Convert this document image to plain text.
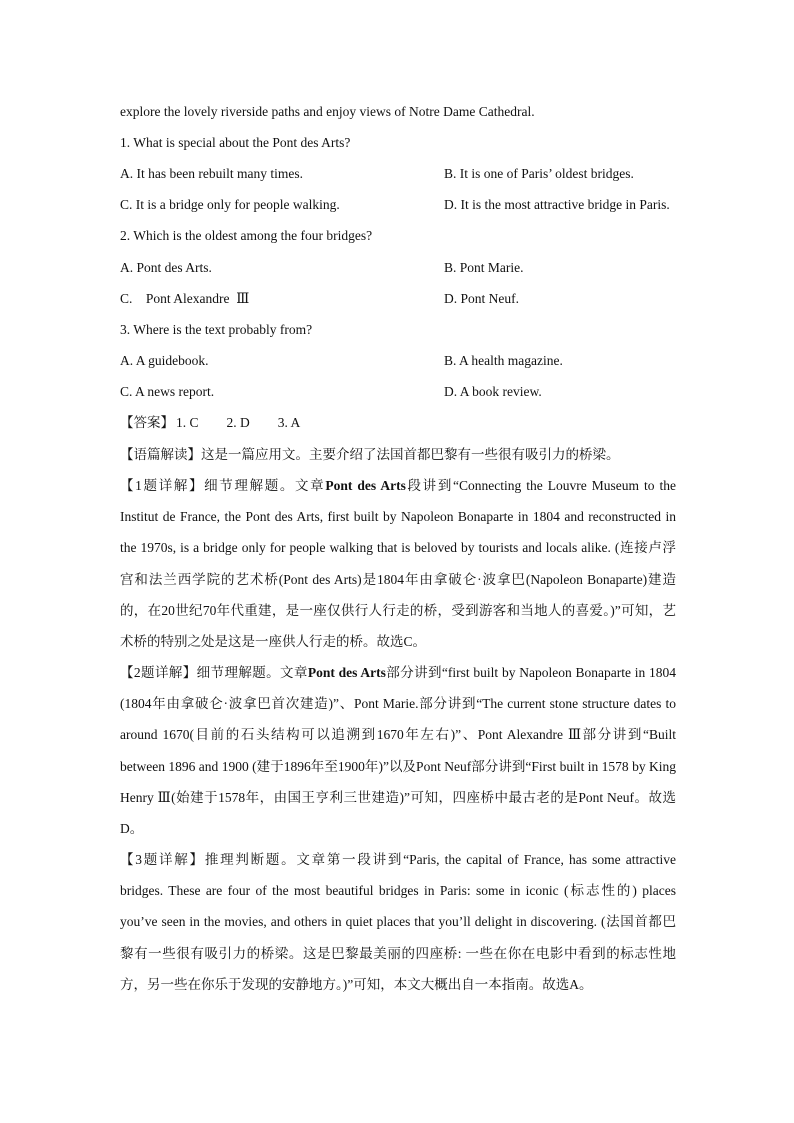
explore the lovely riverside paths and enjoy views of Notre Dame Cathedral.
1. What is special about the Pont des Arts?
A. It has been rebuilt many times.	B. It is one of Paris’ oldest bridges.
C. It is a bridge only for people walking.	D. It is the most attractive bridge in Paris.
2. Which is the oldest among the four bridges?
A. Pont des Arts.	B. Pont Marie.
C.    Pont Alexandre  Ⅲ	D. Pont Neuf.
3. Where is the text probably from?
A. A guidebook.	B. A health magazine.
C. A news report.	D. A book review.
【答案】 1. C 2. D 3. A
【语篇解读】这是一篇应用文。主要介绍了法国首都巴黎有一些很有吸引力的桥梁。
【1题详解】细节理解题。文章Pont des Arts段讲到“Connecting the Louvre Museum to the Institut de France, the Pont des Arts, first built by Napoleon Bonaparte in 1804 and reconstructed in the 1970s, is a bridge only for people walking that is beloved by tourists and locals alike. (连接卢浮宫和法兰西学院的艺术桥(Pont des Arts)是1804年由拿破仑·波拿巴(Napoleon Bonaparte)建造的，在20世纪70年代重建，是一座仅供行人行走的桥，受到游客和当地人的喜爱。)”可知，艺术桥的特别之处是这是一座供人行走的桥。故选C。
【2题详解】细节理解题。文章Pont des Arts部分讲到“first built by Napoleon Bonaparte in 1804 (1804年由拿破仑·波拿巴首次建造)”、Pont Marie.部分讲到“The current stone structure dates to around 1670(目前的石头结构可以追溯到1670年左右)”、Pont Alexandre Ⅲ部分讲到“Built between 1896 and 1900 (建于1896年至1900年)”以及Pont Neuf部分讲到“First built in 1578 by King Henry Ⅲ(始建于1578年，由国王亨利三世建造)”可知，四座桥中最古老的是Pont Neuf。故选D。
【3题详解】推理判断题。文章第一段讲到“Paris, the capital of France, has some attractive bridges. These are four of the most beautiful bridges in Paris: some in iconic (标志性的) places you’ve seen in the movies, and others in quiet places that you’ll delight in discovering. (法国首都巴黎有一些很有吸引力的桥梁。这是巴黎最美丽的四座桥: 一些在你在电影中看到的标志性地方，另一些在你乐于发现的安静地方。)”可知，本文大概出自一本指南。故选A。
